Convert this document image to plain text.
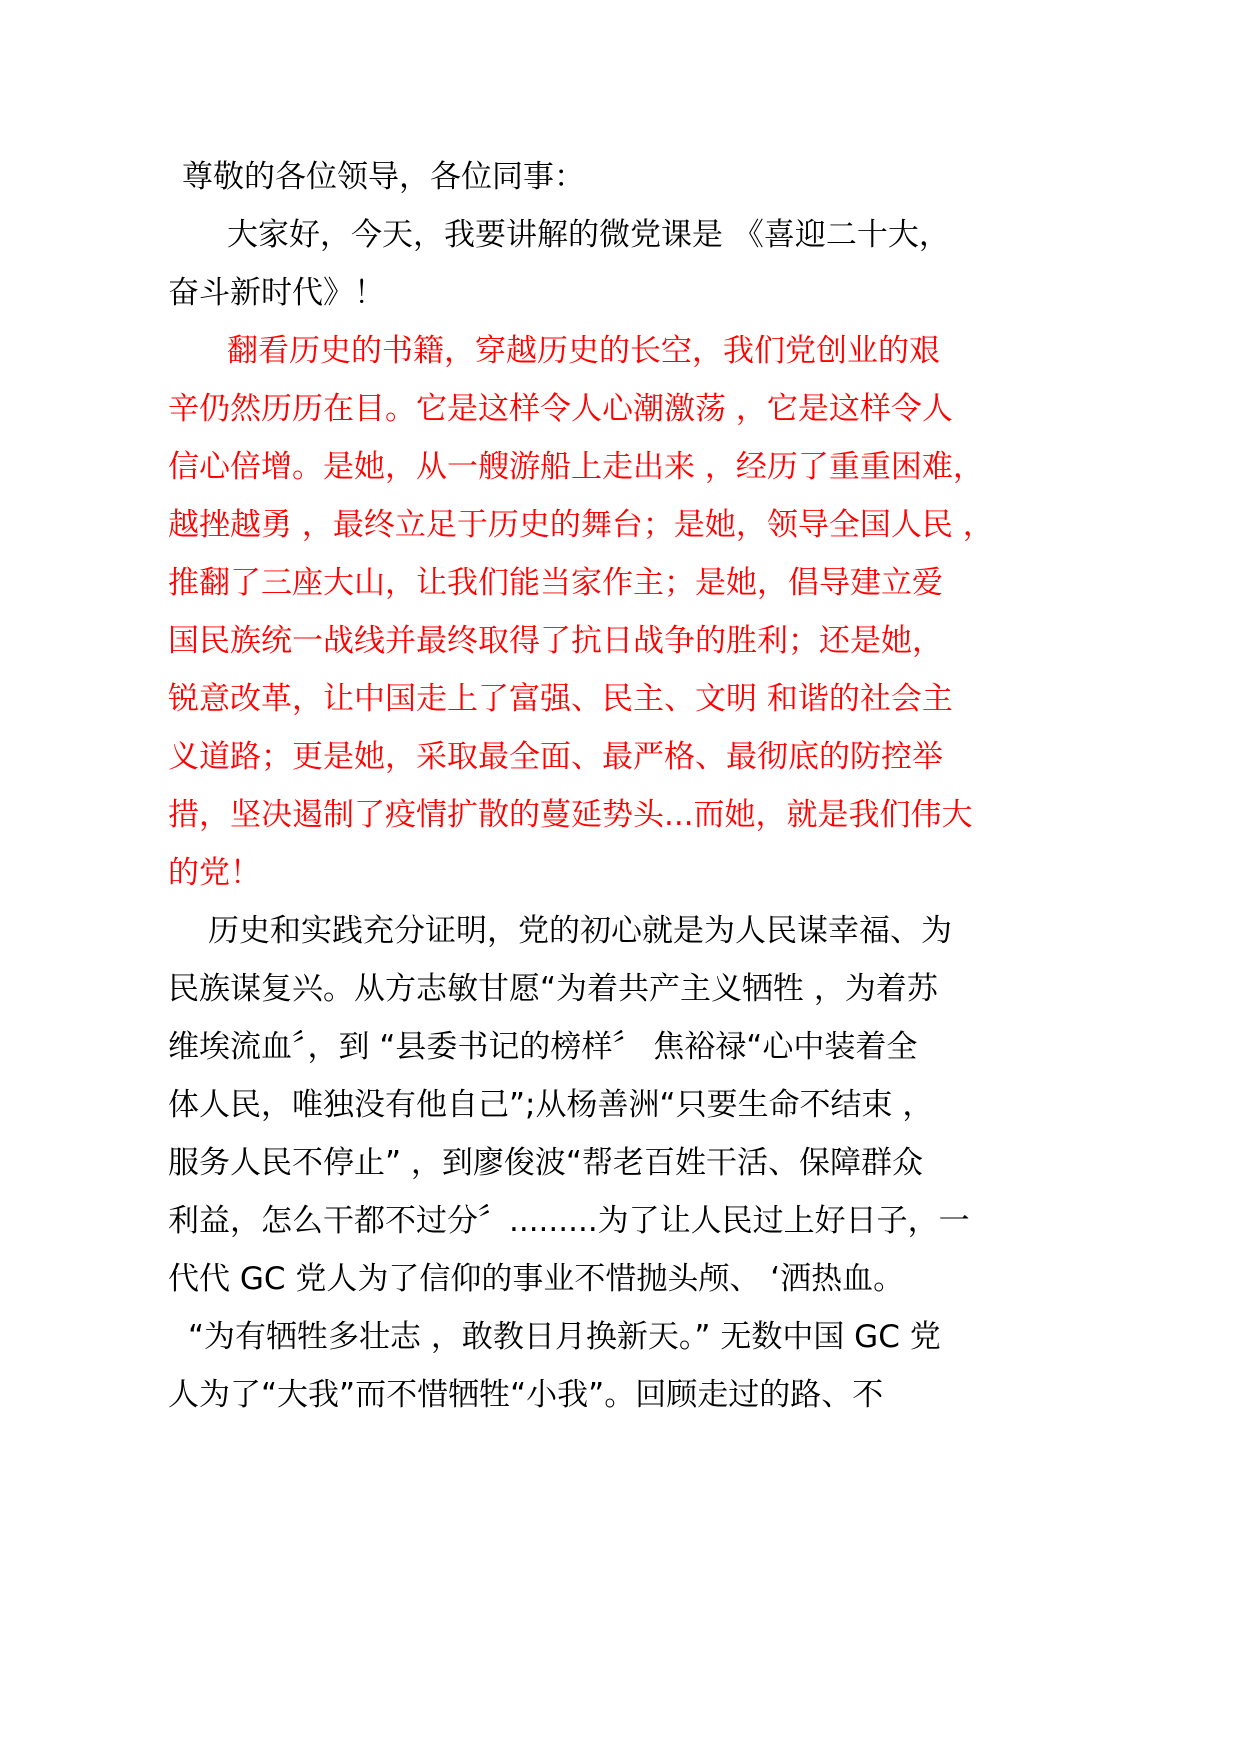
尊敬的各位领导，各位同事：
大家好，今天，我要讲解的微党课是 《喜迎二十大，
奋斗新时代》！
翻看历史的书籍，穿越历史的长空，我们党创业的艰
辛仍然历历在目。它是这样令人心潮激荡 ，它是这样令人
信心倍增。是她，从一艘游船上走出来 ，经历了重重困难，
越挫越勇 ，最终立足于历史的舞台；是她，领导全国人民 ，
推翻了三座大山，让我们能当家作主；是她，倡导建立爱
国民族统一战线并最终取得了抗日战争的胜利；还是她，
锐意改革，让中国走上了富强、民主、文明 和谐的社会主
义道路；更是她，采取最全面、最严格、最彻底的防控举
措，坚决遏制了疫情扩散的蔓延势头...而她，就是我们伟大
的党！
历史和实践充分证明，党的初心就是为人民谋幸福、为
民族谋复兴。从方志敏甘愿“为着共产主义牺牲 ，为着苏
维埃流血〞，到 “县委书记的榜样〞 焦裕禄“心中装着全
体人民，唯独没有他自己”;从杨善洲“只要生命不结束 ，
服务人民不停止” ，到廖俊波“帮老百姓干活、保障群众
利益，怎么干都不过分〞.........为了让人民过上好日子，一
代代 GC 党人为了信仰的事业不惜抛头颅、 ‘洒热血。
“为有牺牲多壮志 ，敢教日月换新天。” 无数中国 GC 党
人为了“大我”而不惜牺牲“小我”。回顾走过的路、不
